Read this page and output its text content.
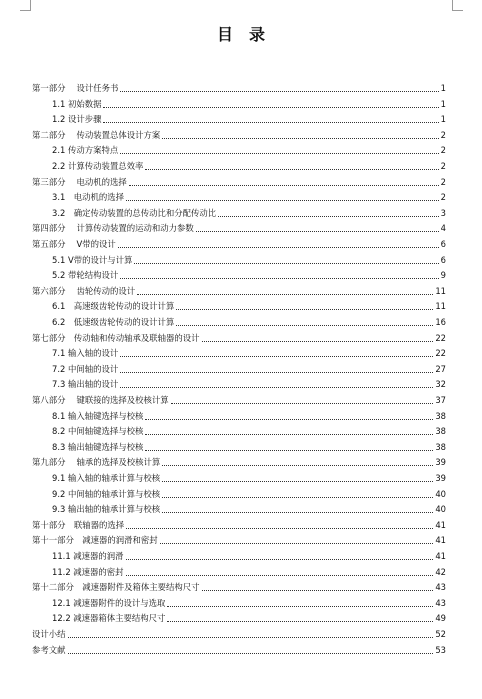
目　录
第一部分　 设计任务书	1
1.1 初始数据	1
1.2 设计步骤	1
第二部分　 传动装置总体设计方案	2
2.1 传动方案特点	2
2.2 计算传动装置总效率	2
第三部分　 电动机的选择	2
3.1　电动机的选择	2
3.2　确定传动装置的总传动比和分配传动比	3
第四部分　 计算传动装置的运动和动力参数	4
第五部分　 V带的设计	6
5.1 V带的设计与计算	6
5.2 带轮结构设计	9
第六部分　 齿轮传动的设计	11
6.1　高速级齿轮传动的设计计算	11
6.2　低速级齿轮传动的设计计算	16
第七部分　传动轴和传动轴承及联轴器的设计	22
7.1 输入轴的设计	22
7.2 中间轴的设计	27
7.3 输出轴的设计	32
第八部分　 键联接的选择及校核计算	37
8.1 输入轴键选择与校核	38
8.2 中间轴键选择与校核	38
8.3 输出轴键选择与校核	38
第九部分　 轴承的选择及校核计算	39
9.1 输入轴的轴承计算与校核	39
9.2 中间轴的轴承计算与校核	40
9.3 输出轴的轴承计算与校核	40
第十部分　联轴器的选择	41
第十一部分　减速器的润滑和密封	41
11.1 减速器的润滑	41
11.2 减速器的密封	42
第十二部分　减速器附件及箱体主要结构尺寸	43
12.1 减速器附件的设计与选取	43
12.2 减速器箱体主要结构尺寸	49
设计小结	52
参考文献	53
